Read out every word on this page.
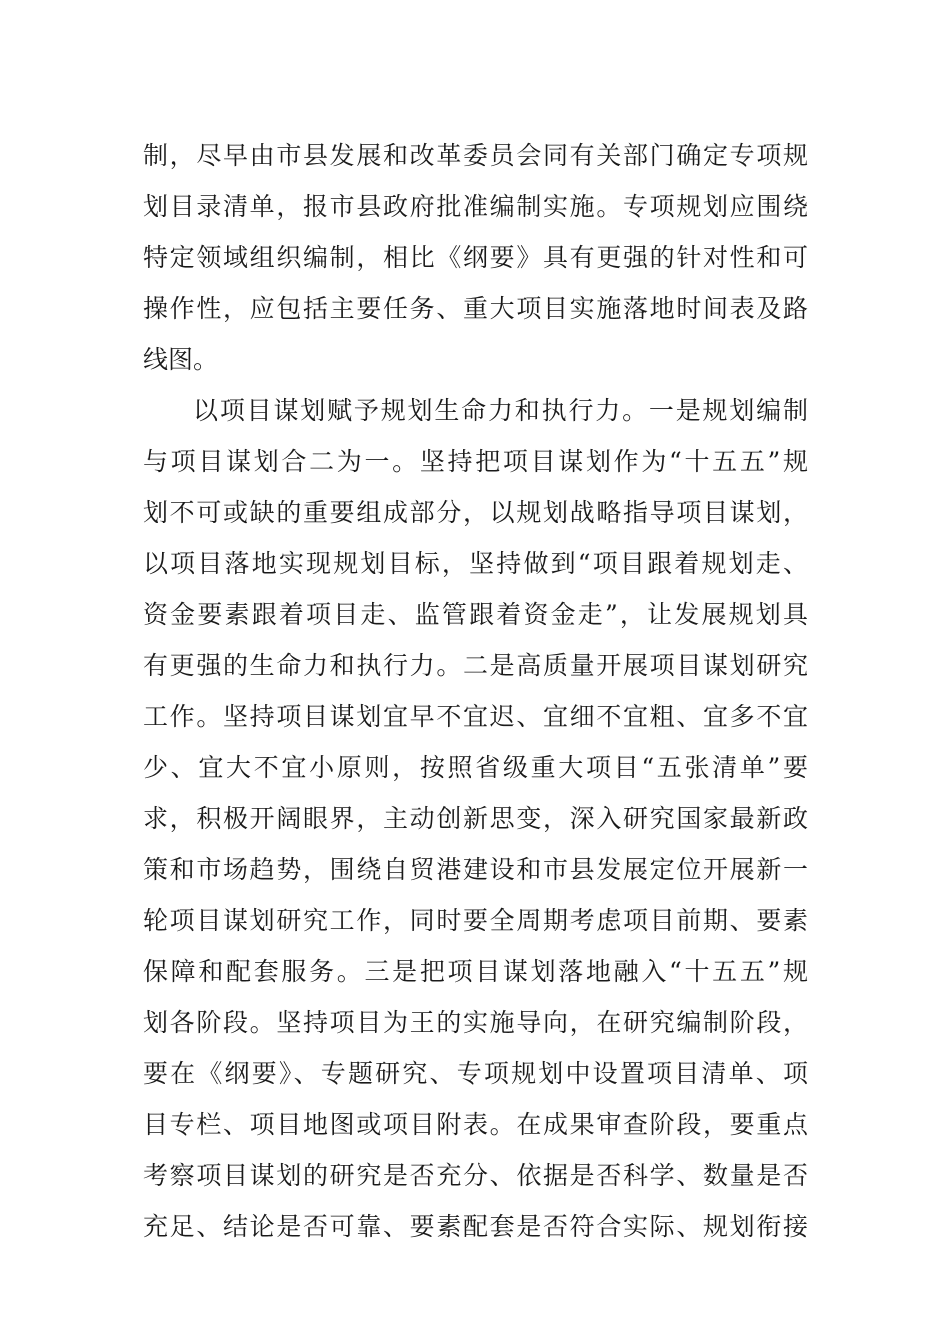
制，尽早由市县发展和改革委员会同有关部门确定专项规
划目录清单，报市县政府批准编制实施。专项规划应围绕
特定领域组织编制，相比《纲要》具有更强的针对性和可
操作性，应包括主要任务、重大项目实施落地时间表及路
线图。
以项目谋划赋予规划生命力和执行力。一是规划编制
与项目谋划合二为一。坚持把项目谋划作为“十五五”规
划不可或缺的重要组成部分，以规划战略指导项目谋划，
以项目落地实现规划目标，坚持做到“项目跟着规划走、
资金要素跟着项目走、监管跟着资金走”，让发展规划具
有更强的生命力和执行力。二是高质量开展项目谋划研究
工作。坚持项目谋划宜早不宜迟、宜细不宜粗、宜多不宜
少、宜大不宜小原则，按照省级重大项目“五张清单”要
求，积极开阔眼界，主动创新思变，深入研究国家最新政
策和市场趋势，围绕自贸港建设和市县发展定位开展新一
轮项目谋划研究工作，同时要全周期考虑项目前期、要素
保障和配套服务。三是把项目谋划落地融入“十五五”规
划各阶段。坚持项目为王的实施导向，在研究编制阶段，
要在《纲要》、专题研究、专项规划中设置项目清单、项
目专栏、项目地图或项目附表。在成果审查阶段，要重点
考察项目谋划的研究是否充分、依据是否科学、数量是否
充足、结论是否可靠、要素配套是否符合实际、规划衔接
